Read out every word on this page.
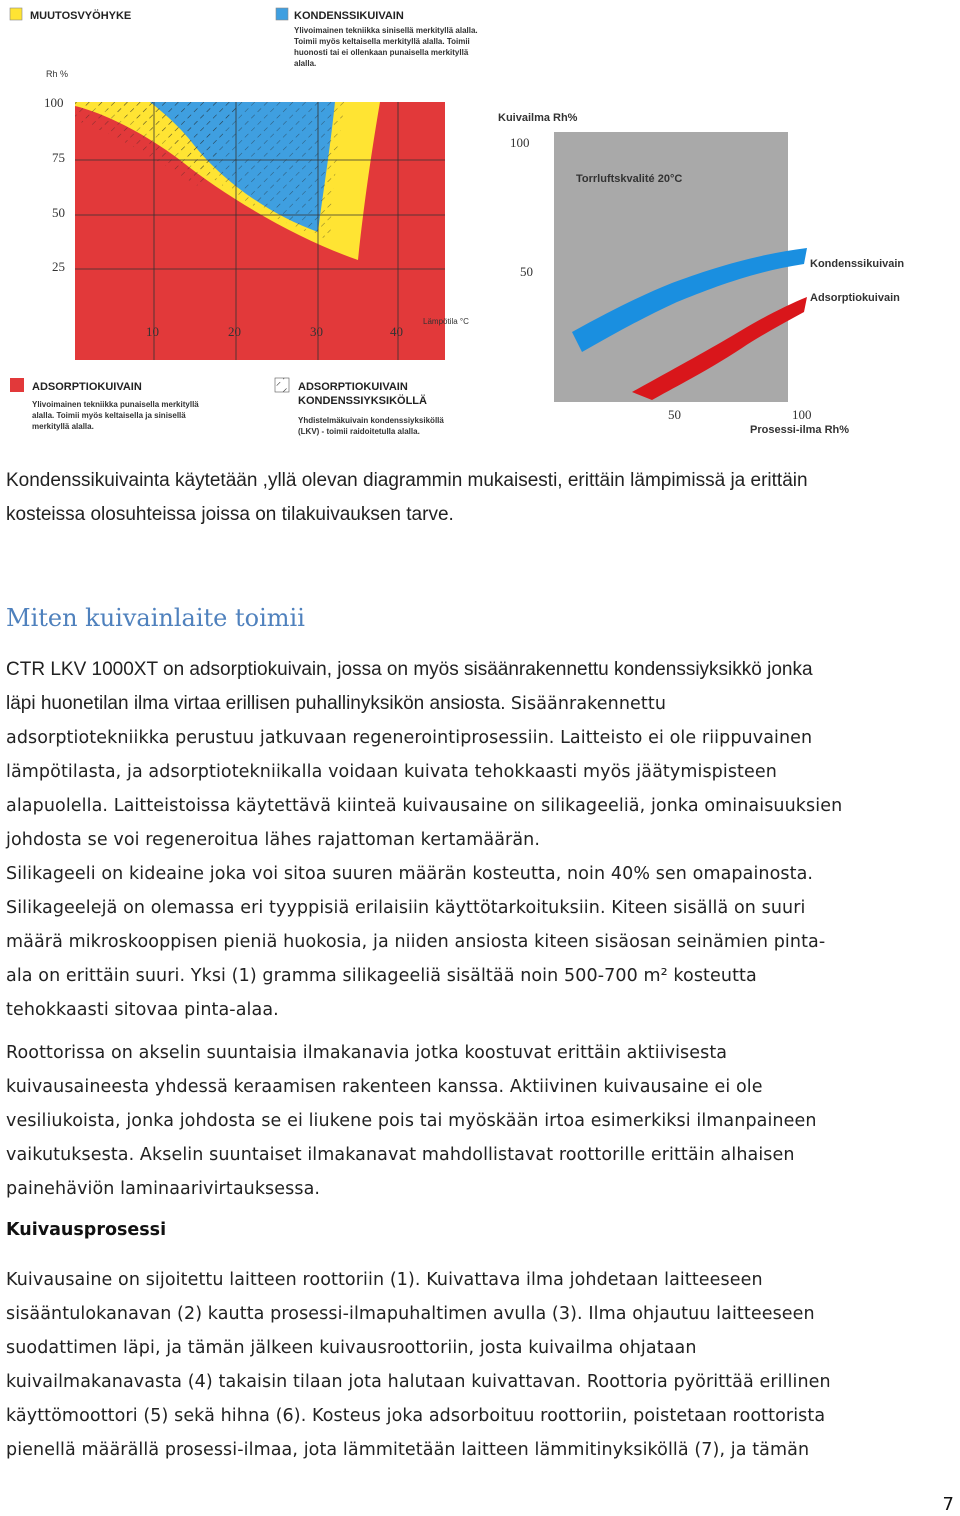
MUUTOSVYÖHYKE	KONDENSSIKUIVAIN
Ylivoimainen tekniikka sinisellä merkityllä alalla.
Toimii myös keltaisella merkityllä alalla. Toimii
huonosti tai ei ollenkaan punaisella merkityllä
alalla.
Rh %
100
75
50
25
10	20	30	40
Lämpötila °C
ADSORPTIOKUIVAIN
Ylivoimainen tekniikka punaisella merkityllä
alalla. Toimii myös keltaisella ja sinisellä
merkityllä alalla.
ADSORPTIOKUIVAIN
KONDENSSIYKSIKÖLLÄ
Yhdistelmäkuivain kondenssiyksiköllä
(LKV) - toimii raidoitetulla alalla.
Kuivailma Rh%
100
50
Torrluftskvalité 20°C
Kondenssikuivain
Adsorptiokuivain
50	100
Prosessi-ilma Rh%
Kondenssikuivainta käytetään ,yllä olevan diagrammin mukaisesti, erittäin lämpimissä ja erittäin
kosteissa olosuhteissa joissa on tilakuivauksen tarve.
Miten kuivainlaite toimii
CTR LKV 1000XT on adsorptiokuivain, jossa on myös sisäänrakennettu kondenssiyksikkö jonka
läpi huonetilan ilma virtaa erillisen puhallinyksikön ansiosta. Sisäänrakennettu
adsorptiotekniikka perustuu jatkuvaan regenerointiprosessiin. Laitteisto ei ole riippuvainen
lämpötilasta, ja adsorptiotekniikalla voidaan kuivata tehokkaasti myös jäätymispisteen
alapuolella. Laitteistoissa käytettävä kiinteä kuivausaine on silikageeliä, jonka ominaisuuksien
johdosta se voi regeneroitua lähes rajattoman kertamäärän.
Silikageeli on kideaine joka voi sitoa suuren määrän kosteutta, noin 40% sen omapainosta.
Silikageelejä on olemassa eri tyyppisiä erilaisiin käyttötarkoituksiin. Kiteen sisällä on suuri
määrä mikroskooppisen pieniä huokosia, ja niiden ansiosta kiteen sisäosan seinämien pinta-
ala on erittäin suuri. Yksi (1) gramma silikageeliä sisältää noin 500-700 m² kosteutta
tehokkaasti sitovaa pinta-alaa.
Roottorissa on akselin suuntaisia ilmakanavia jotka koostuvat erittäin aktiivisesta
kuivausaineesta yhdessä keraamisen rakenteen kanssa. Aktiivinen kuivausaine ei ole
vesiliukoista, jonka johdosta se ei liukene pois tai myöskään irtoa esimerkiksi ilmanpaineen
vaikutuksesta. Akselin suuntaiset ilmakanavat mahdollistavat roottorille erittäin alhaisen
painehäviön laminaarivirtauksessa.
Kuivausprosessi
Kuivausaine on sijoitettu laitteen roottoriin (1). Kuivattava ilma johdetaan laitteeseen
sisääntulokanavan (2) kautta prosessi-ilmapuhaltimen avulla (3). Ilma ohjautuu laitteeseen
suodattimen läpi, ja tämän jälkeen kuivausroottoriin, josta kuivailma ohjataan
kuivailmakanavasta (4) takaisin tilaan jota halutaan kuivattavan. Roottoria pyörittää erillinen
käyttömoottori (5) sekä hihna (6). Kosteus joka adsorboituu roottoriin, poistetaan roottorista
pienellä määrällä prosessi-ilmaa, jota lämmitetään laitteen lämmitinyksiköllä (7), ja tämän
7
